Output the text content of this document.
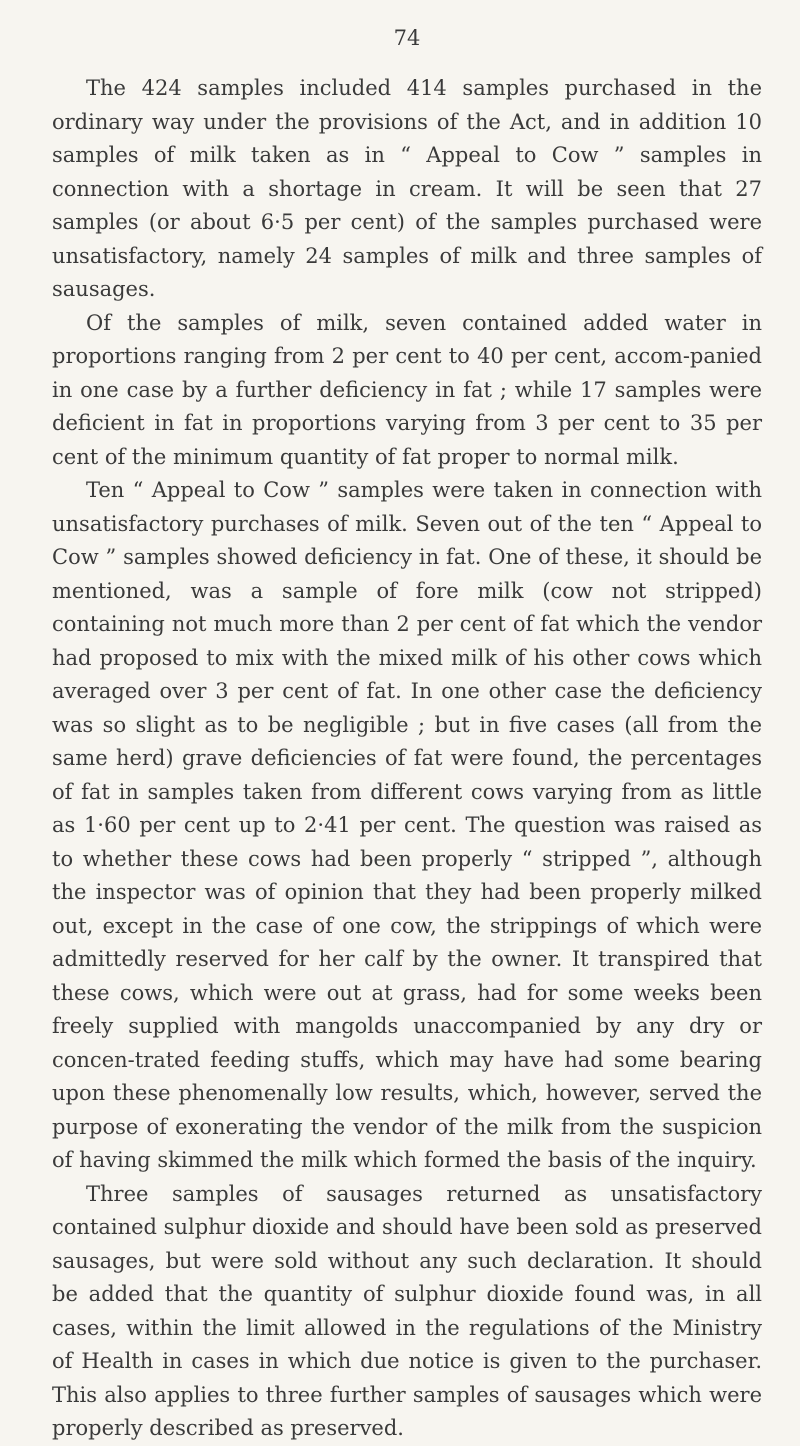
74

The 424 samples included 414 samples purchased in the ordinary way under the provisions of the Act, and in addition 10 samples of milk taken as in “ Appeal to Cow ” samples in connection with a shortage in cream. It will be seen that 27 samples (or about 6·5 per cent) of the samples purchased were unsatisfactory, namely 24 samples of milk and three samples of sausages.

Of the samples of milk, seven contained added water in proportions ranging from 2 per cent to 40 per cent, accom-panied in one case by a further deficiency in fat ; while 17 samples were deficient in fat in proportions varying from 3 per cent to 35 per cent of the minimum quantity of fat proper to normal milk.

Ten “ Appeal to Cow ” samples were taken in connection with unsatisfactory purchases of milk. Seven out of the ten “ Appeal to Cow ” samples showed deficiency in fat. One of these, it should be mentioned, was a sample of fore milk (cow not stripped) containing not much more than 2 per cent of fat which the vendor had proposed to mix with the mixed milk of his other cows which averaged over 3 per cent of fat. In one other case the deficiency was so slight as to be negligible ; but in five cases (all from the same herd) grave deficiencies of fat were found, the percentages of fat in samples taken from different cows varying from as little as 1·60 per cent up to 2·41 per cent. The question was raised as to whether these cows had been properly “ stripped ”, although the inspector was of opinion that they had been properly milked out, except in the case of one cow, the strippings of which were admittedly reserved for her calf by the owner. It transpired that these cows, which were out at grass, had for some weeks been freely supplied with mangolds unaccompanied by any dry or concen-trated feeding stuffs, which may have had some bearing upon these phenomenally low results, which, however, served the purpose of exonerating the vendor of the milk from the suspicion of having skimmed the milk which formed the basis of the inquiry.

Three samples of sausages returned as unsatisfactory contained sulphur dioxide and should have been sold as preserved sausages, but were sold without any such declaration. It should be added that the quantity of sulphur dioxide found was, in all cases, within the limit allowed in the regulations of the Ministry of Health in cases in which due notice is given to the purchaser. This also applies to three further samples of sausages which were properly described as preserved.
